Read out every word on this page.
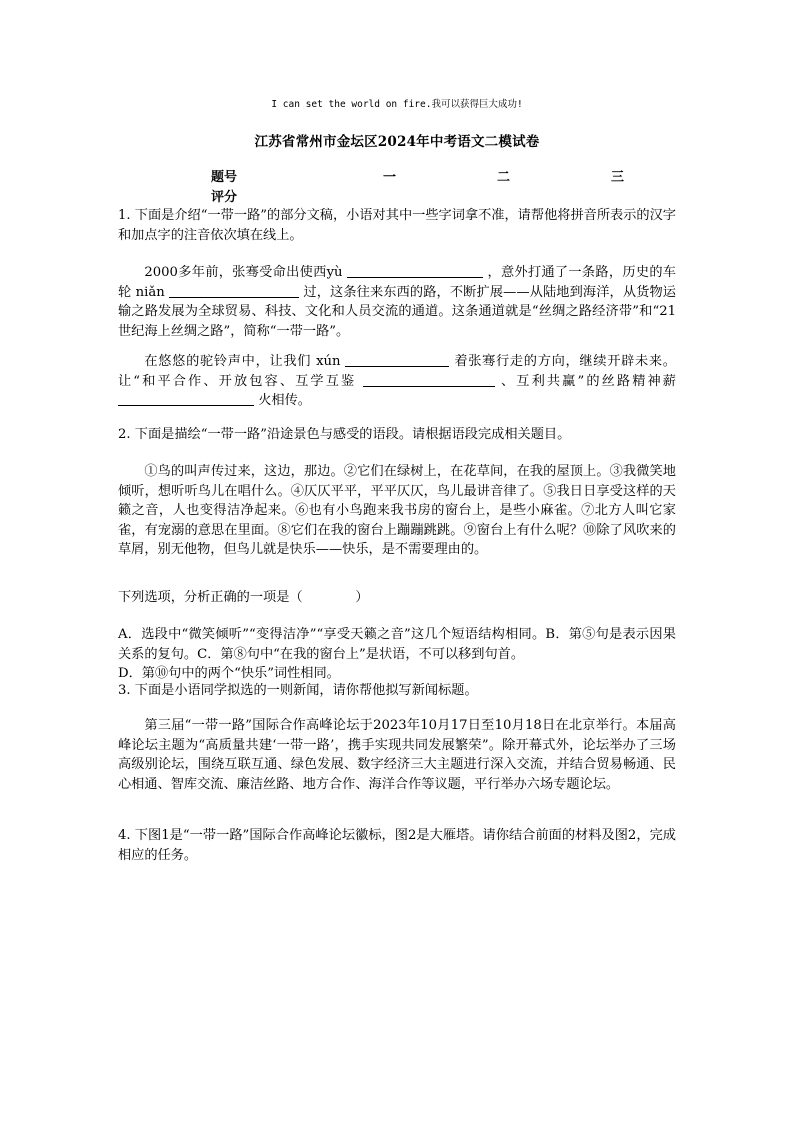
I can set the world on fire.我可以获得巨大成功!
江苏省常州市金坛区2024年中考语文二模试卷
题号	一	二	三
评分

1. 下面是介绍“一带一路”的部分文稿，小语对其中一些字词拿不准，请帮他将拼音所表示的汉字和加点字的注音依次填在线上。

2000多年前，张骞受命出使西yù	，意外打通了一条路，历史的车轮 niǎn	过，这条往来东西的路，不断扩展——从陆地到海洋，从货物运输之路发展为全球贸易、科技、文化和人员交流的通道。这条通道就是“丝绸之路经济带”和“21世纪海上丝绸之路”，简称“一带一路”。

在悠悠的驼铃声中，让我们 xún	着张骞行走的方向，继续开辟未来。让“和平合作、开放包容、互学互鉴	、互利共赢”的丝路精神薪  火相传。

2. 下面是描绘“一带一路”沿途景色与感受的语段。请根据语段完成相关题目。

①鸟的叫声传过来，这边，那边。②它们在绿树上，在花草间，在我的屋顶上。③我微笑地倾听，想听听鸟儿在唱什么。④仄仄平平，平平仄仄，鸟儿最讲音律了。⑤我日日享受这样的天籁之音，人也变得洁净起来。⑥也有小鸟跑来我书房的窗台上，是些小麻雀。⑦北方人叫它家雀，有宠溺的意思在里面。⑧它们在我的窗台上蹦蹦跳跳。⑨窗台上有什么呢？⑩除了风吹来的草屑，别无他物，但鸟儿就是快乐——快乐，是不需要理由的。

下列选项，分析正确的一项是（　　　　）

A．选段中“微笑倾听”“变得洁净”“享受天籁之音”这几个短语结构相同。B．第⑤句是表示因果关系的复句。C．第⑧句中“在我的窗台上”是状语，不可以移到句首。

D．第⑩句中的两个“快乐”词性相同。

3. 下面是小语同学拟选的一则新闻，请你帮他拟写新闻标题。

第三届“一带一路”国际合作高峰论坛于2023年10月17日至10月18日在北京举行。本届高峰论坛主题为“高质量共建‘一带一路’，携手实现共同发展繁荣”。除开幕式外，论坛举办了三场高级别论坛，围绕互联互通、绿色发展、数字经济三大主题进行深入交流，并结合贸易畅通、民心相通、智库交流、廉洁丝路、地方合作、海洋合作等议题，平行举办六场专题论坛。

4. 下图1是“一带一路”国际合作高峰论坛徽标，图2是大雁塔。请你结合前面的材料及图2，完成相应的任务。
